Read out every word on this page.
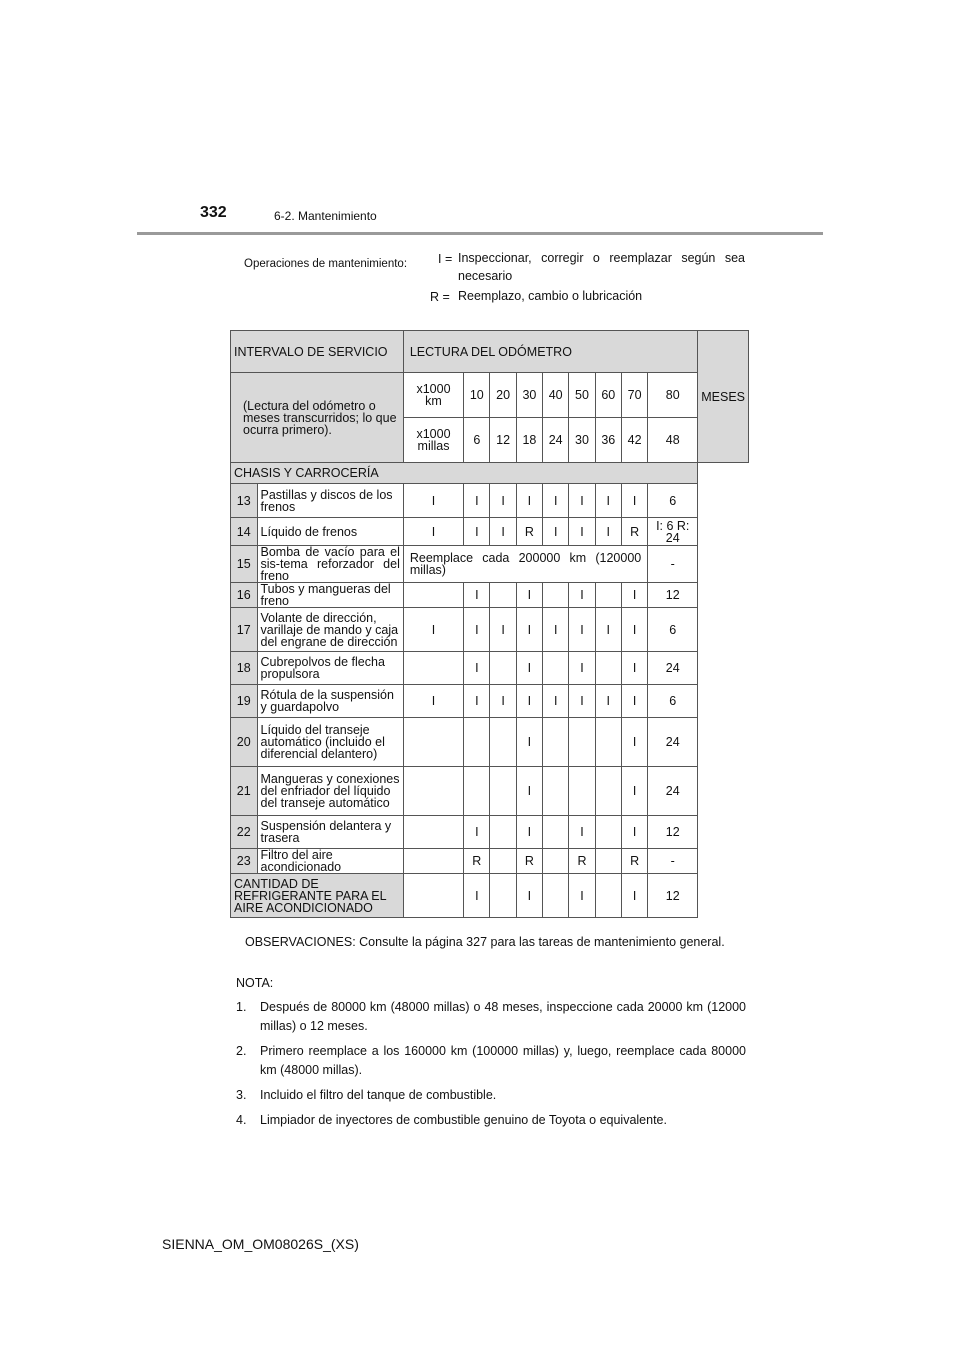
332	6-2. Mantenimiento
Operaciones de mantenimiento: I = Inspeccionar, corregir o reemplazar según sea necesario
R = Reemplazo, cambio o lubricación
INTERVALO DE SERVICIO		LECTURA DEL ODÓMETRO									MESES
(Lectura del odómetro o meses transcurridos; lo que ocurra primero).		x1000 km	10	20	30	40	50	60	70	80	
		x1000 millas	6	12	18	24	30	36	42	48	
CHASIS Y CARROCERÍA											
13	Pastillas y discos de los frenos	I	I	I	I	I	I	I	I	6	
14	Líquido de frenos	I	I	I	R	I	I	I	R	I: 6 R: 24	
15	Bomba de vacío para el sis-tema reforzador del freno	Reemplace cada 200000 km (120000 millas)								-	
16	Tubos y mangueras del freno		I		I		I		I	12	
17	Volante de dirección, varillaje de mando y caja del engrane de dirección	I	I	I	I	I	I	I	I	6	
18	Cubrepolvos de flecha propulsora		I		I		I		I	24	
19	Rótula de la suspensión y guardapolvo	I	I	I	I	I	I	I	I	6	
20	Líquido del transeje automático (incluido el diferencial delantero)				I				I	24	
21	Mangueras y conexiones del enfriador del líquido del transeje automático				I				I	24	
22	Suspensión delantera y trasera		I		I		I		I	12	
23	Filtro del aire acondicionado		R		R		R		R	-	
CANTIDAD DE REFRIGERANTE PARA EL AIRE ACONDICIONADO			I		I		I		I	12	
OBSERVACIONES: Consulte la página 327 para las tareas de mantenimiento general.
NOTA:
1. Después de 80000 km (48000 millas) o 48 meses, inspeccione cada 20000 km (12000 millas) o 12 meses.
2. Primero reemplace a los 160000 km (100000 millas) y, luego, reemplace cada 80000 km (48000 millas).
3. Incluido el filtro del tanque de combustible.
4. Limpiador de inyectores de combustible genuino de Toyota o equivalente.
SIENNA_OM_OM08026S_(XS)
